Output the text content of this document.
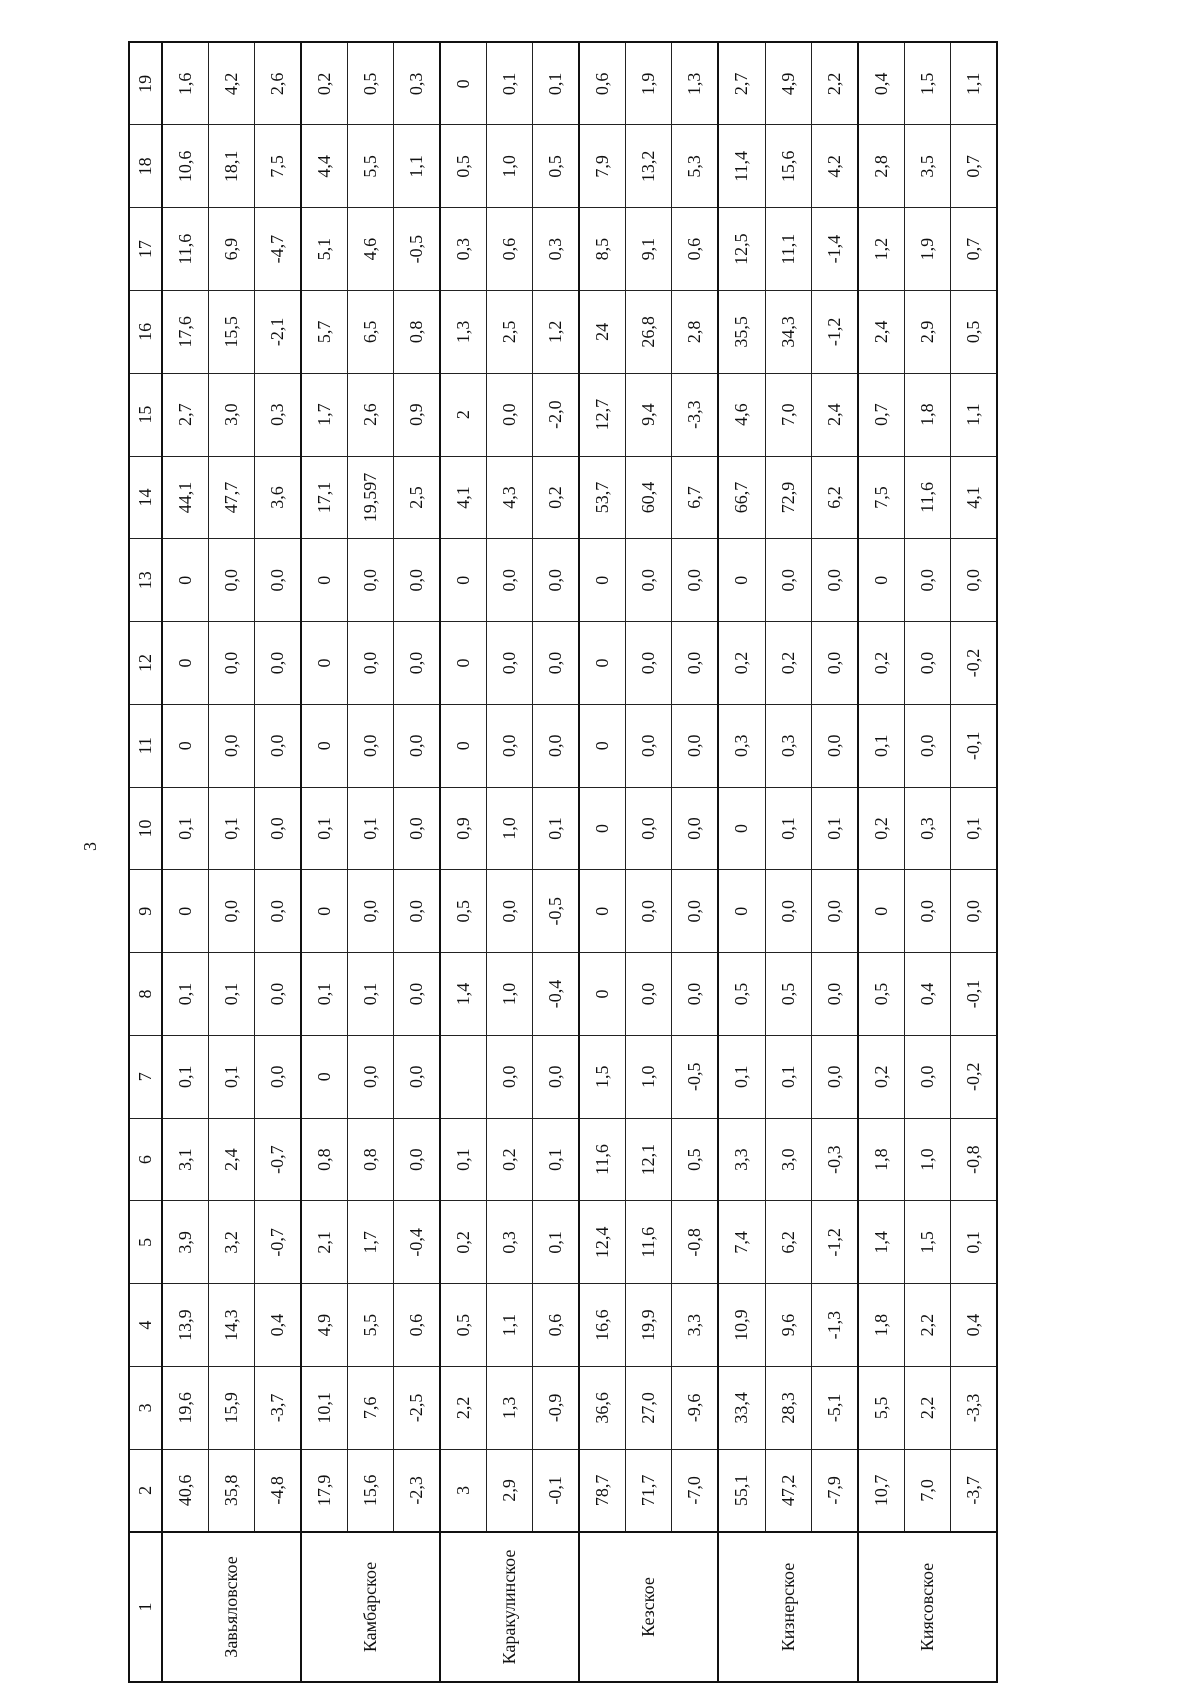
3
1	2	3	4	5	6	7	8	9	10	11	12	13	14	15	16	17	18	19
Завьяловское	40,6	19,6	13,9	3,9	3,1	0,1	0,1	0	0,1	0	0	0	44,1	2,7	17,6	11,6	10,6	1,6
	35,8	15,9	14,3	3,2	2,4	0,1	0,1	0,0	0,1	0,0	0,0	0,0	47,7	3,0	15,5	6,9	18,1	4,2
	-4,8	-3,7	0,4	-0,7	-0,7	0,0	0,0	0,0	0,0	0,0	0,0	0,0	3,6	0,3	-2,1	-4,7	7,5	2,6
Камбарское	17,9	10,1	4,9	2,1	0,8	0	0,1	0	0,1	0	0	0	17,1	1,7	5,7	5,1	4,4	0,2
	15,6	7,6	5,5	1,7	0,8	0,0	0,1	0,0	0,1	0,0	0,0	0,0	19,597	2,6	6,5	4,6	5,5	0,5
	-2,3	-2,5	0,6	-0,4	0,0	0,0	0,0	0,0	0,0	0,0	0,0	0,0	2,5	0,9	0,8	-0,5	1,1	0,3
Каракулинское	3	2,2	0,5	0,2	0,1		1,4	0,5	0,9	0	0	0	4,1	2	1,3	0,3	0,5	0
	2,9	1,3	1,1	0,3	0,2	0,0	1,0	0,0	1,0	0,0	0,0	0,0	4,3	0,0	2,5	0,6	1,0	0,1
	-0,1	-0,9	0,6	0,1	0,1	0,0	-0,4	-0,5	0,1	0,0	0,0	0,0	0,2	-2,0	1,2	0,3	0,5	0,1
Кезское	78,7	36,6	16,6	12,4	11,6	1,5	0	0	0	0	0	0	53,7	12,7	24	8,5	7,9	0,6
	71,7	27,0	19,9	11,6	12,1	1,0	0,0	0,0	0,0	0,0	0,0	0,0	60,4	9,4	26,8	9,1	13,2	1,9
	-7,0	-9,6	3,3	-0,8	0,5	-0,5	0,0	0,0	0,0	0,0	0,0	0,0	6,7	-3,3	2,8	0,6	5,3	1,3
Кизнерское	55,1	33,4	10,9	7,4	3,3	0,1	0,5	0	0	0,3	0,2	0	66,7	4,6	35,5	12,5	11,4	2,7
	47,2	28,3	9,6	6,2	3,0	0,1	0,5	0,0	0,1	0,3	0,2	0,0	72,9	7,0	34,3	11,1	15,6	4,9
	-7,9	-5,1	-1,3	-1,2	-0,3	0,0	0,0	0,0	0,1	0,0	0,0	0,0	6,2	2,4	-1,2	-1,4	4,2	2,2
Киясовское	10,7	5,5	1,8	1,4	1,8	0,2	0,5	0	0,2	0,1	0,2	0	7,5	0,7	2,4	1,2	2,8	0,4
	7,0	2,2	2,2	1,5	1,0	0,0	0,4	0,0	0,3	0,0	0,0	0,0	11,6	1,8	2,9	1,9	3,5	1,5
	-3,7	-3,3	0,4	0,1	-0,8	-0,2	-0,1	0,0	0,1	-0,1	-0,2	0,0	4,1	1,1	0,5	0,7	0,7	1,1
